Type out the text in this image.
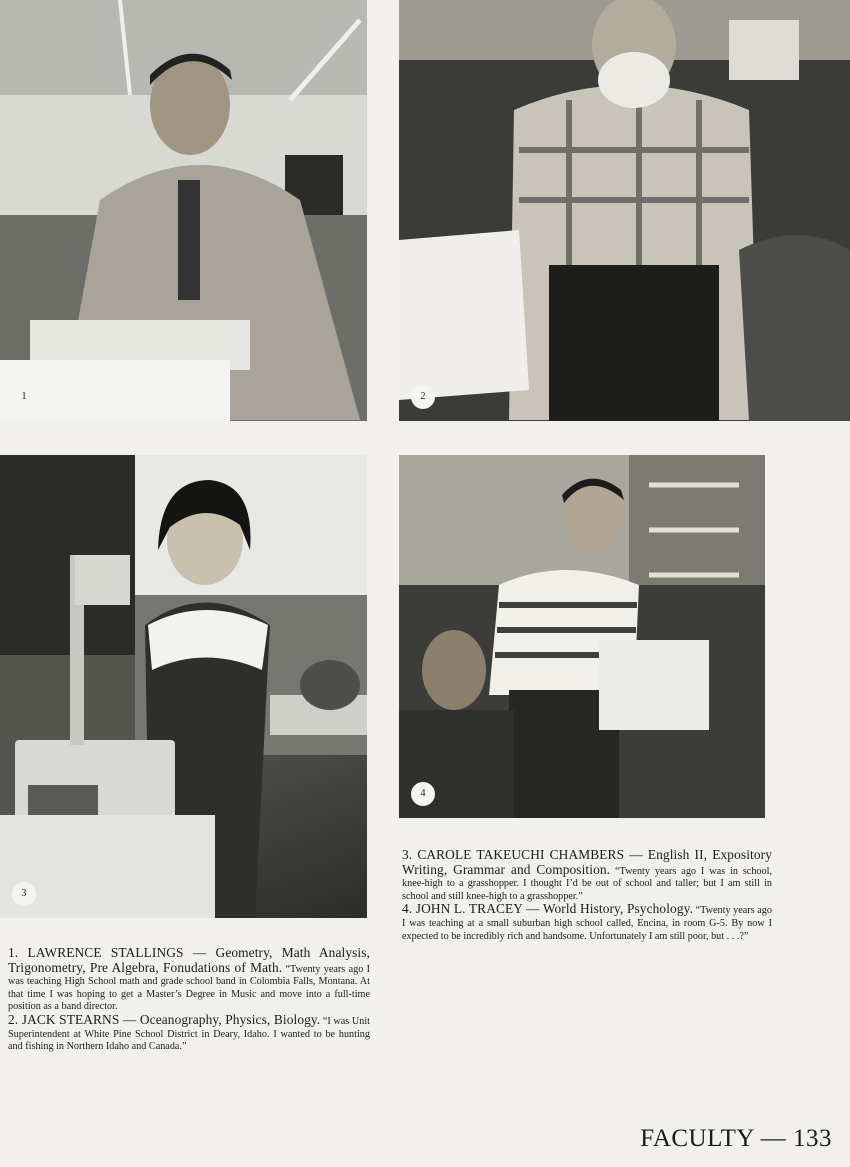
1	2
3
4

1. LAWRENCE STALLINGS — Geometry, Math Analysis, Trigonometry, Pre Algebra, Fonudations of Math. “Twenty years ago I was teaching High School math and grade school band in Colombia Falls, Montana. At that time I was hoping to get a Master’s Degree in Music and move into a full-time position as a band director.

2. JACK STEARNS — Oceanography, Physics, Biology. “I was Unit Superintendent at White Pine School District in Deary, Idaho. I wanted to be hunting and fishing in Northern Idaho and Canada.”

3. CAROLE TAKEUCHI CHAMBERS — English II, Expository Writing, Grammar and Composition. “Twenty years ago I was in school, knee-high to a grasshopper. I thought I’d be out of school and taller; but I am still in school and still knee-high to a grasshopper.”

4. JOHN L. TRACEY — World History, Psychology. “Twenty years ago I was teaching at a small suburban high school called, Encina, in room G-5. By now I expected to be incredibly rich and handsome. Unfortunately I am still poor, but . . .?”

FACULTY — 133
